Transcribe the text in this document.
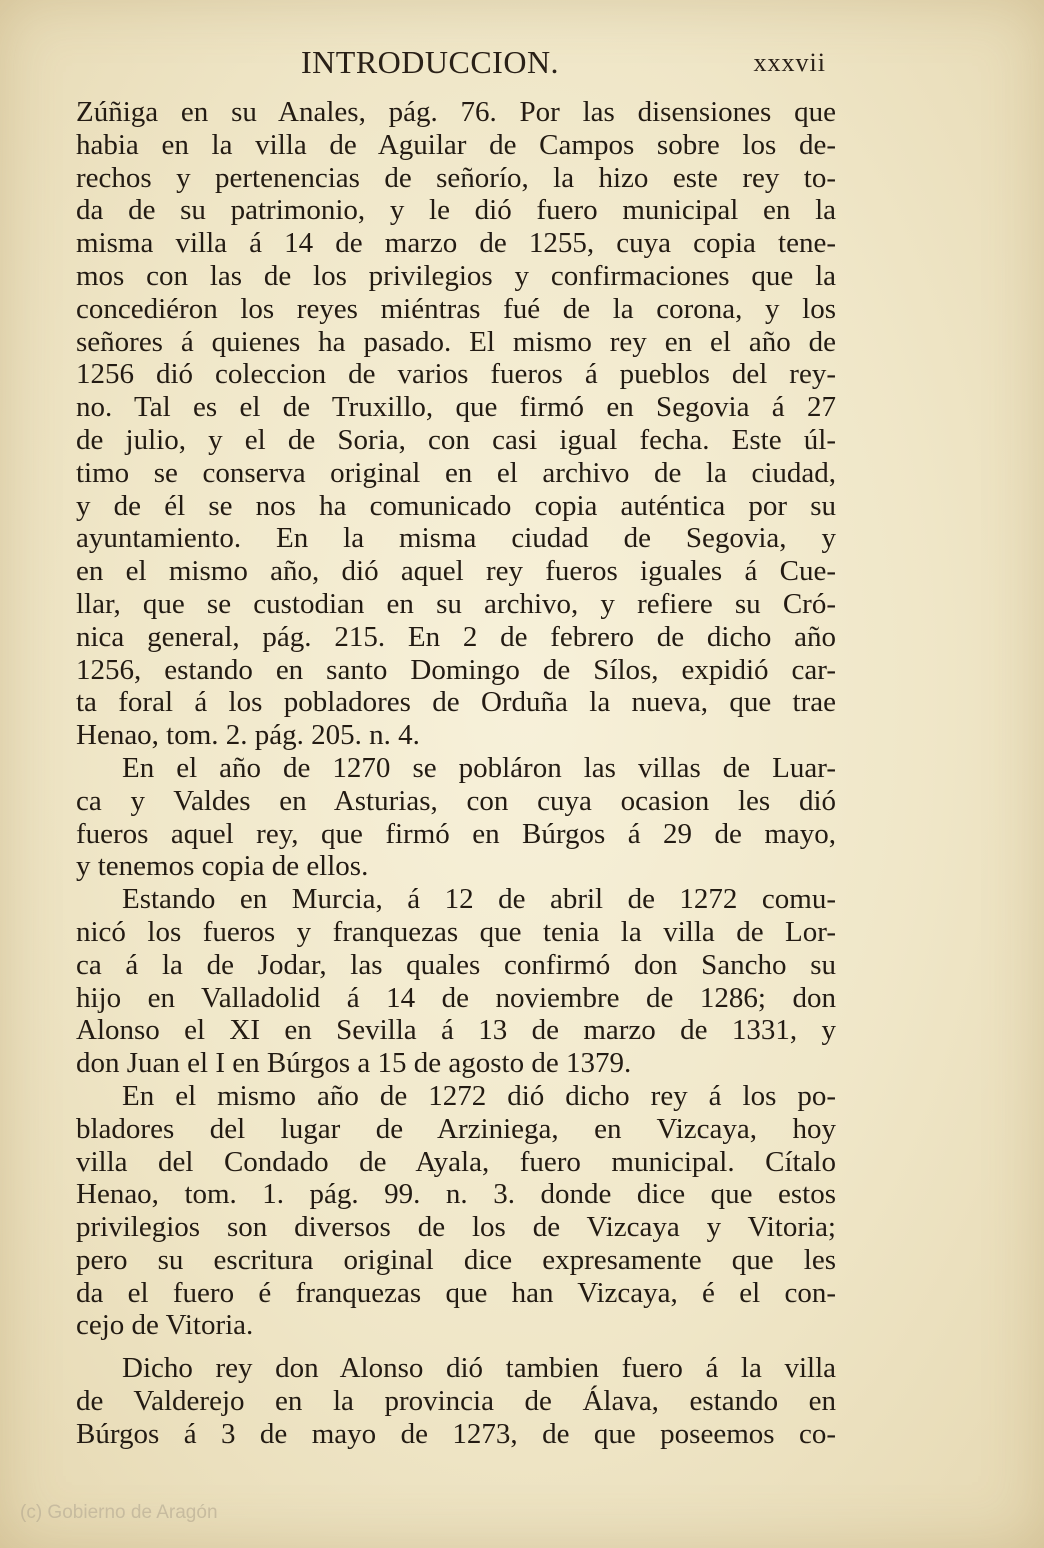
INTRODUCCION.	xxxvii
Zúñiga en su Anales, pág. 76. Por las disensiones que
habia en la villa de Aguilar de Campos sobre los de-
rechos y pertenencias de señorío, la hizo este rey to-
da de su patrimonio, y le dió fuero municipal en la
misma villa á 14 de marzo de 1255, cuya copia tene-
mos con las de los privilegios y confirmaciones que la
concediéron los reyes miéntras fué de la corona, y los
señores á quienes ha pasado. El mismo rey en el año de
1256 dió coleccion de varios fueros á pueblos del rey-
no. Tal es el de Truxillo, que firmó en Segovia á 27
de julio, y el de Soria, con casi igual fecha. Este úl-
timo se conserva original en el archivo de la ciudad,
y de él se nos ha comunicado copia auténtica por su
ayuntamiento. En la misma ciudad de Segovia, y
en el mismo año, dió aquel rey fueros iguales á Cue-
llar, que se custodian en su archivo, y refiere su Cró-
nica general, pág. 215. En 2 de febrero de dicho año
1256, estando en santo Domingo de Sílos, expidió car-
ta foral á los pobladores de Orduña la nueva, que trae
Henao, tom. 2. pág. 205. n. 4.
En el año de 1270 se pobláron las villas de Luar-
ca y Valdes en Asturias, con cuya ocasion les dió
fueros aquel rey, que firmó en Búrgos á 29 de mayo,
y tenemos copia de ellos.
Estando en Murcia, á 12 de abril de 1272 comu-
nicó los fueros y franquezas que tenia la villa de Lor-
ca á la de Jodar, las quales confirmó don Sancho su
hijo en Valladolid á 14 de noviembre de 1286; don
Alonso el XI en Sevilla á 13 de marzo de 1331, y
don Juan el I en Búrgos a 15 de agosto de 1379.
En el mismo año de 1272 dió dicho rey á los po-
bladores del lugar de Arziniega, en Vizcaya, hoy
villa del Condado de Ayala, fuero municipal. Cítalo
Henao, tom. 1. pág. 99. n. 3. donde dice que estos
privilegios son diversos de los de Vizcaya y Vitoria;
pero su escritura original dice expresamente que les
da el fuero é franquezas que han Vizcaya, é el con-
cejo de Vitoria.
Dicho rey don Alonso dió tambien fuero á la villa
de Valderejo en la provincia de Álava, estando en
Búrgos á 3 de mayo de 1273, de que poseemos co-
(c) Gobierno de Aragón
